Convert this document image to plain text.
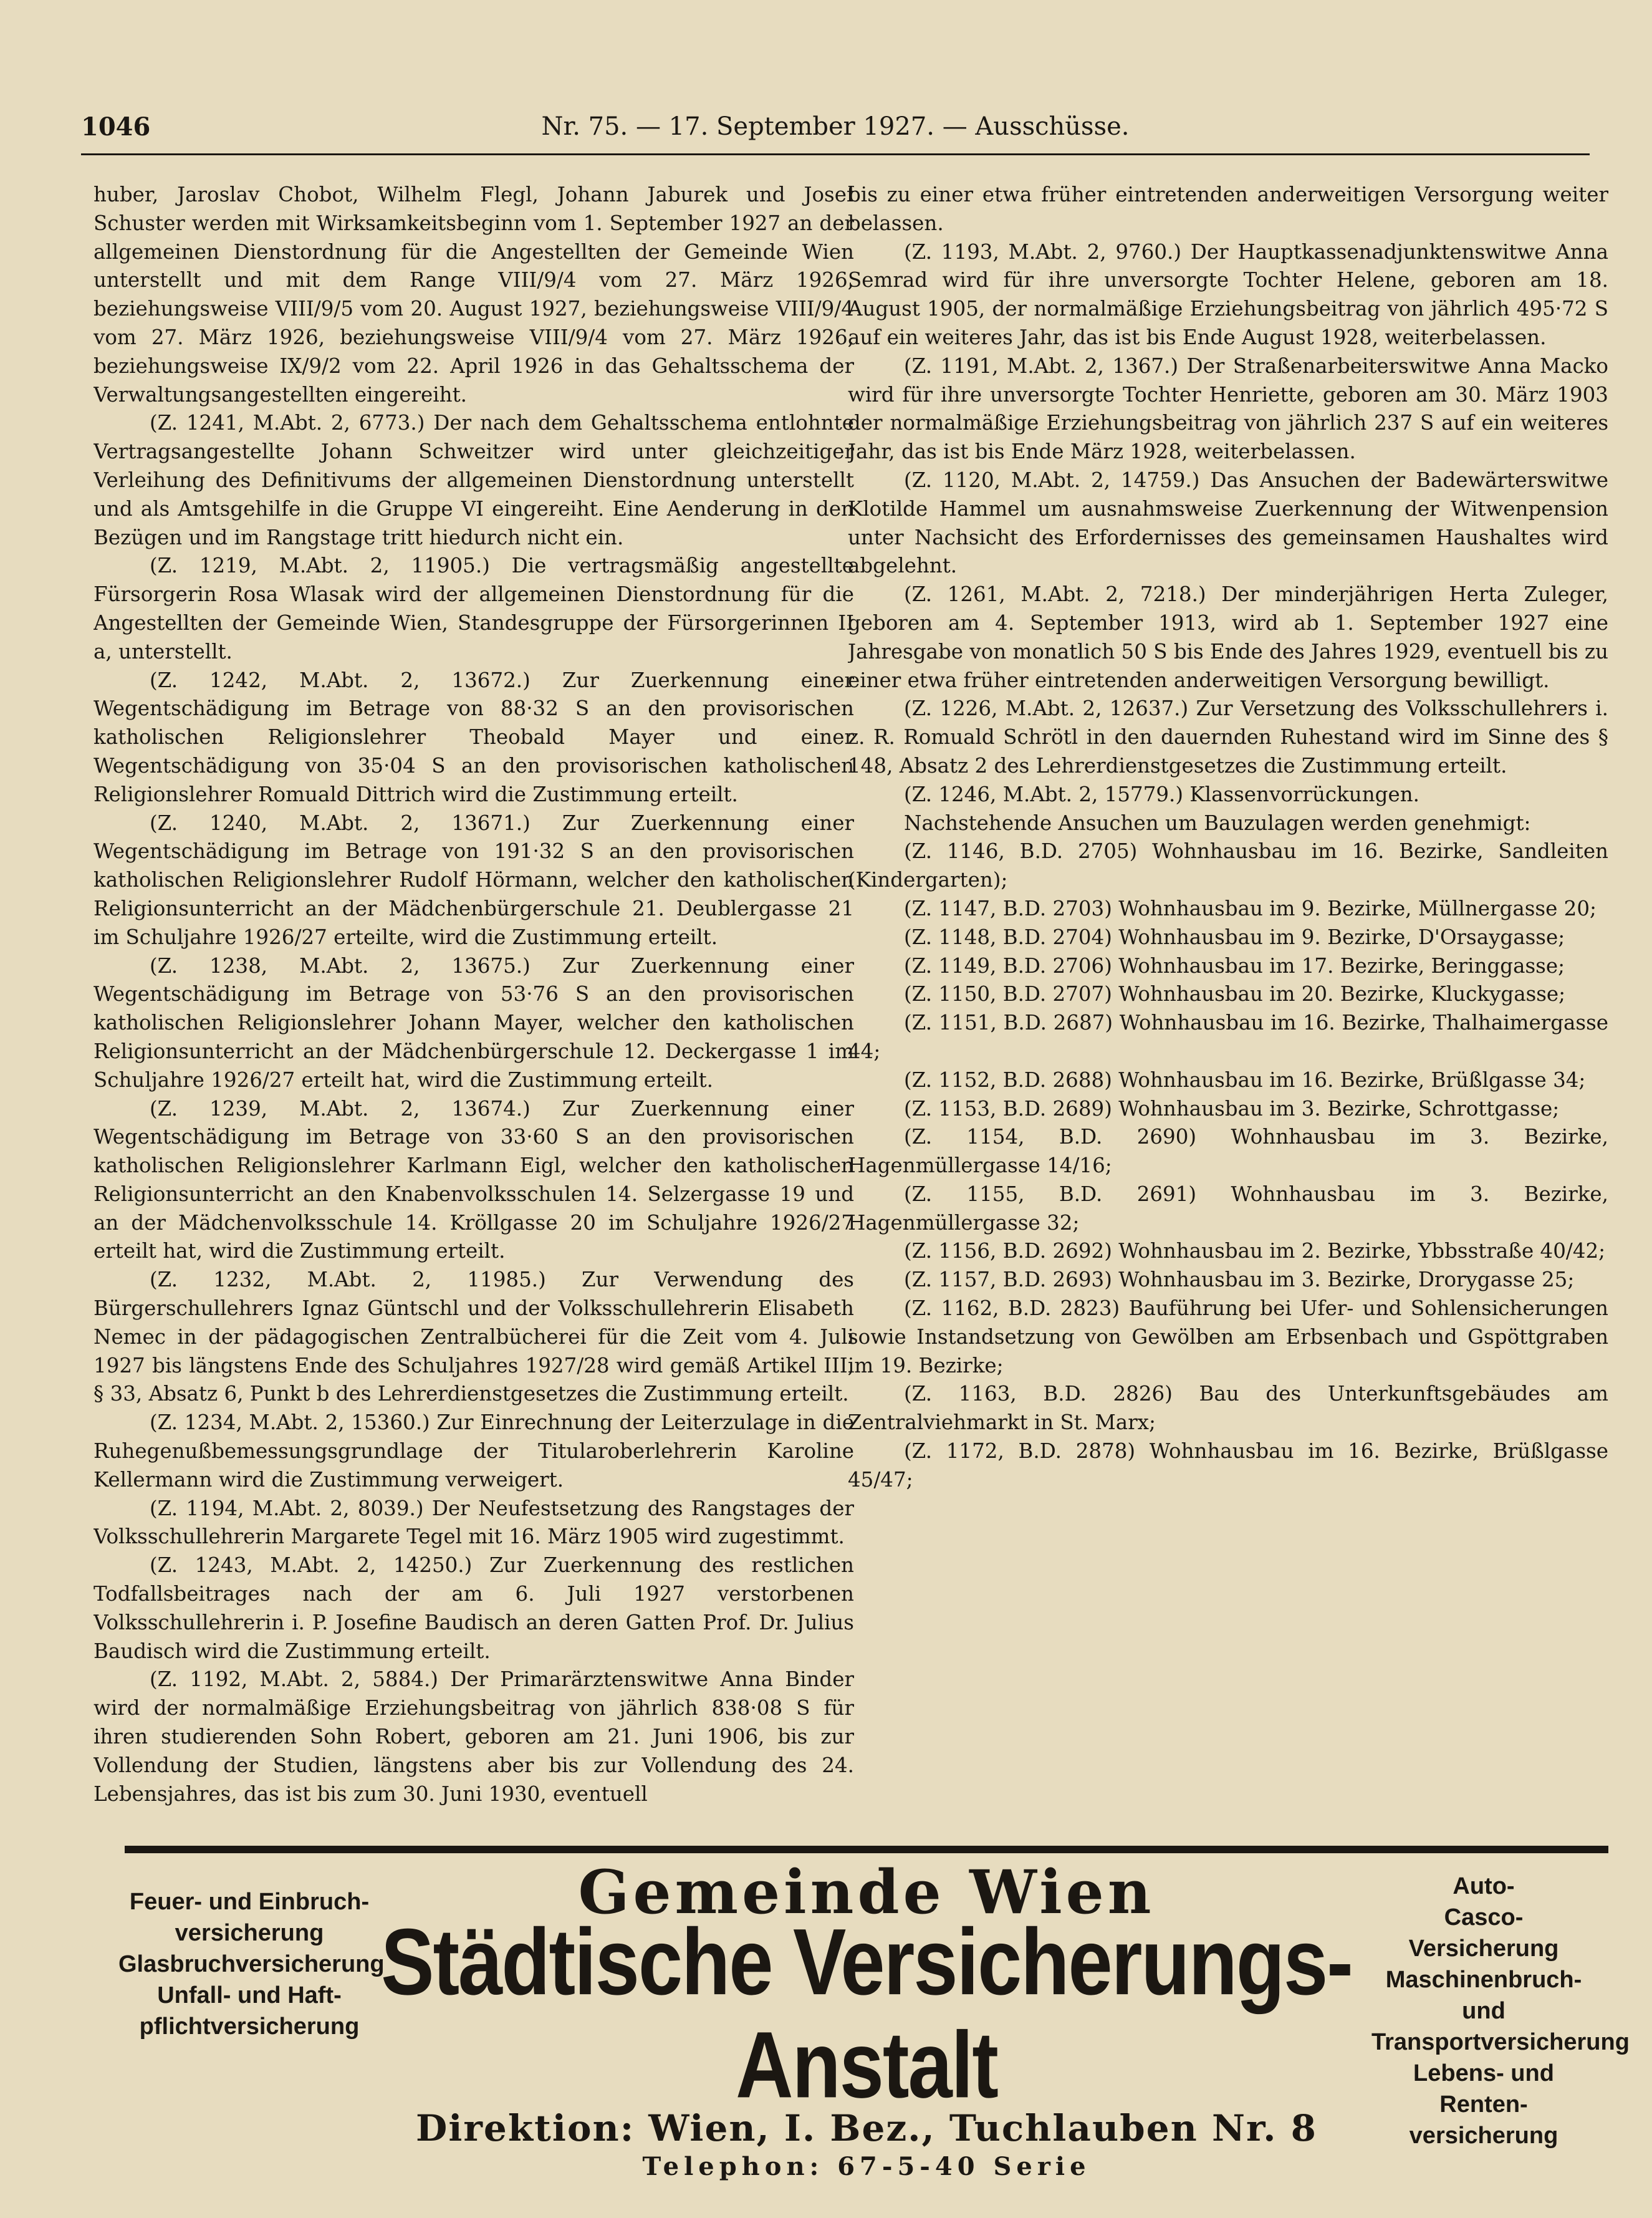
1046	Nr. 75. — 17. September 1927. — Ausschüsse.

huber, Jaroslav Chobot, Wilhelm Flegl, Johann Jaburek und Josef Schuster werden mit Wirksamkeitsbeginn vom 1. September 1927 an der allgemeinen Dienstordnung für die Angestellten der Gemeinde Wien unterstellt und mit dem Range VIII/9/4 vom 27. März 1926, beziehungsweise VIII/9/5 vom 20. August 1927, beziehungsweise VIII/9/4 vom 27. März 1926, beziehungsweise VIII/9/4 vom 27. März 1926, beziehungsweise IX/9/2 vom 22. April 1926 in das Gehaltsschema der Verwaltungsangestellten eingereiht.

(Z. 1241, M.Abt. 2, 6773.) Der nach dem Gehaltsschema entlohnte Vertragsangestellte Johann Schweitzer wird unter gleichzeitiger Verleihung des Definitivums der allgemeinen Dienstordnung unterstellt und als Amtsgehilfe in die Gruppe VI eingereiht. Eine Aenderung in den Bezügen und im Rangstage tritt hiedurch nicht ein.

(Z. 1219, M.Abt. 2, 11905.) Die vertragsmäßig angestellte Fürsorgerin Rosa Wlasak wird der allgemeinen Dienstordnung für die Angestellten der Gemeinde Wien, Standesgruppe der Fürsorgerinnen II a, unterstellt.

(Z. 1242, M.Abt. 2, 13672.) Zur Zuerkennung einer Wegentschädigung im Betrage von 88·32 S an den provisorischen katholischen Religionslehrer Theobald Mayer und einer Wegentschädigung von 35·04 S an den provisorischen katholischen Religionslehrer Romuald Dittrich wird die Zustimmung erteilt.

(Z. 1240, M.Abt. 2, 13671.) Zur Zuerkennung einer Wegentschädigung im Betrage von 191·32 S an den provisorischen katholischen Religionslehrer Rudolf Hörmann, welcher den katholischen Religionsunterricht an der Mädchenbürgerschule 21. Deublergasse 21 im Schuljahre 1926/27 erteilte, wird die Zustimmung erteilt.

(Z. 1238, M.Abt. 2, 13675.) Zur Zuerkennung einer Wegentschädigung im Betrage von 53·76 S an den provisorischen katholischen Religionslehrer Johann Mayer, welcher den katholischen Religionsunterricht an der Mädchenbürgerschule 12. Deckergasse 1 im Schuljahre 1926/27 erteilt hat, wird die Zustimmung erteilt.

(Z. 1239, M.Abt. 2, 13674.) Zur Zuerkennung einer Wegentschädigung im Betrage von 33·60 S an den provisorischen katholischen Religionslehrer Karlmann Eigl, welcher den katholischen Religionsunterricht an den Knabenvolksschulen 14. Selzergasse 19 und an der Mädchenvolksschule 14. Kröllgasse 20 im Schuljahre 1926/27 erteilt hat, wird die Zustimmung erteilt.

(Z. 1232, M.Abt. 2, 11985.) Zur Verwendung des Bürgerschullehrers Ignaz Güntschl und der Volksschullehrerin Elisabeth Nemec in der pädagogischen Zentralbücherei für die Zeit vom 4. Juli 1927 bis längstens Ende des Schuljahres 1927/28 wird gemäß Artikel III, § 33, Absatz 6, Punkt b des Lehrerdienstgesetzes die Zustimmung erteilt.

(Z. 1234, M.Abt. 2, 15360.) Zur Einrechnung der Leiterzulage in die Ruhegenußbemessungsgrundlage der Titularoberlehrerin Karoline Kellermann wird die Zustimmung verweigert.

(Z. 1194, M.Abt. 2, 8039.) Der Neufestsetzung des Rangstages der Volksschullehrerin Margarete Tegel mit 16. März 1905 wird zugestimmt.

(Z. 1243, M.Abt. 2, 14250.) Zur Zuerkennung des restlichen Todfallsbeitrages nach der am 6. Juli 1927 verstorbenen Volksschullehrerin i. P. Josefine Baudisch an deren Gatten Prof. Dr. Julius Baudisch wird die Zustimmung erteilt.

(Z. 1192, M.Abt. 2, 5884.) Der Primarärztenswitwe Anna Binder wird der normalmäßige Erziehungsbeitrag von jährlich 838·08 S für ihren studierenden Sohn Robert, geboren am 21. Juni 1906, bis zur Vollendung der Studien, längstens aber bis zur Vollendung des 24. Lebensjahres, das ist bis zum 30. Juni 1930, eventuell

bis zu einer etwa früher eintretenden anderweitigen Versorgung weiter belassen.

(Z. 1193, M.Abt. 2, 9760.) Der Hauptkassenadjunktenswitwe Anna Semrad wird für ihre unversorgte Tochter Helene, geboren am 18. August 1905, der normalmäßige Erziehungsbeitrag von jährlich 495·72 S auf ein weiteres Jahr, das ist bis Ende August 1928, weiterbelassen.

(Z. 1191, M.Abt. 2, 1367.) Der Straßenarbeiterswitwe Anna Macko wird für ihre unversorgte Tochter Henriette, geboren am 30. März 1903 der normalmäßige Erziehungsbeitrag von jährlich 237 S auf ein weiteres Jahr, das ist bis Ende März 1928, weiterbelassen.

(Z. 1120, M.Abt. 2, 14759.) Das Ansuchen der Badewärterswitwe Klotilde Hammel um ausnahmsweise Zuerkennung der Witwenpension unter Nachsicht des Erfordernisses des gemeinsamen Haushaltes wird abgelehnt.

(Z. 1261, M.Abt. 2, 7218.) Der minderjährigen Herta Zuleger, geboren am 4. September 1913, wird ab 1. September 1927 eine Jahresgabe von monatlich 50 S bis Ende des Jahres 1929, eventuell bis zu einer etwa früher eintretenden anderweitigen Versorgung bewilligt.

(Z. 1226, M.Abt. 2, 12637.) Zur Versetzung des Volksschullehrers i. z. R. Romuald Schrötl in den dauernden Ruhestand wird im Sinne des § 148, Absatz 2 des Lehrerdienstgesetzes die Zustimmung erteilt.

(Z. 1246, M.Abt. 2, 15779.) Klassenvorrückungen.

Nachstehende Ansuchen um Bauzulagen werden genehmigt:

(Z. 1146, B.D. 2705) Wohnhausbau im 16. Bezirke, Sandleiten (Kindergarten);

(Z. 1147, B.D. 2703) Wohnhausbau im 9. Bezirke, Müllnergasse 20;

(Z. 1148, B.D. 2704) Wohnhausbau im 9. Bezirke, D'Orsaygasse;

(Z. 1149, B.D. 2706) Wohnhausbau im 17. Bezirke, Beringgasse;

(Z. 1150, B.D. 2707) Wohnhausbau im 20. Bezirke, Kluckygasse;

(Z. 1151, B.D. 2687) Wohnhausbau im 16. Bezirke, Thalhaimergasse 44;

(Z. 1152, B.D. 2688) Wohnhausbau im 16. Bezirke, Brüßlgasse 34;

(Z. 1153, B.D. 2689) Wohnhausbau im 3. Bezirke, Schrottgasse;

(Z. 1154, B.D. 2690) Wohnhausbau im 3. Bezirke, Hagenmüllergasse 14/16;

(Z. 1155, B.D. 2691) Wohnhausbau im 3. Bezirke, Hagenmüllergasse 32;

(Z. 1156, B.D. 2692) Wohnhausbau im 2. Bezirke, Ybbsstraße 40/42;

(Z. 1157, B.D. 2693) Wohnhausbau im 3. Bezirke, Drorygasse 25;

(Z. 1162, B.D. 2823) Bauführung bei Ufer- und Sohlensicherungen sowie Instandsetzung von Gewölben am Erbsenbach und Gspöttgraben im 19. Bezirke;

(Z. 1163, B.D. 2826) Bau des Unterkunftsgebäudes am Zentralviehmarkt in St. Marx;

(Z. 1172, B.D. 2878) Wohnhausbau im 16. Bezirke, Brüßlgasse 45/47;

Feuer- und Einbruch-
versicherung
Glasbruchversicherung
Unfall- und Haft-
pflichtversicherung
Gemeinde Wien
Städtische Versicherungs-Anstalt
Direktion: Wien, I. Bez., Tuchlauben Nr. 8
Telephon: 67-5-40 Serie
Auto-
Casco-Versicherung
Maschinenbruch- und
Transportversicherung
Lebens- und Renten-
versicherung
